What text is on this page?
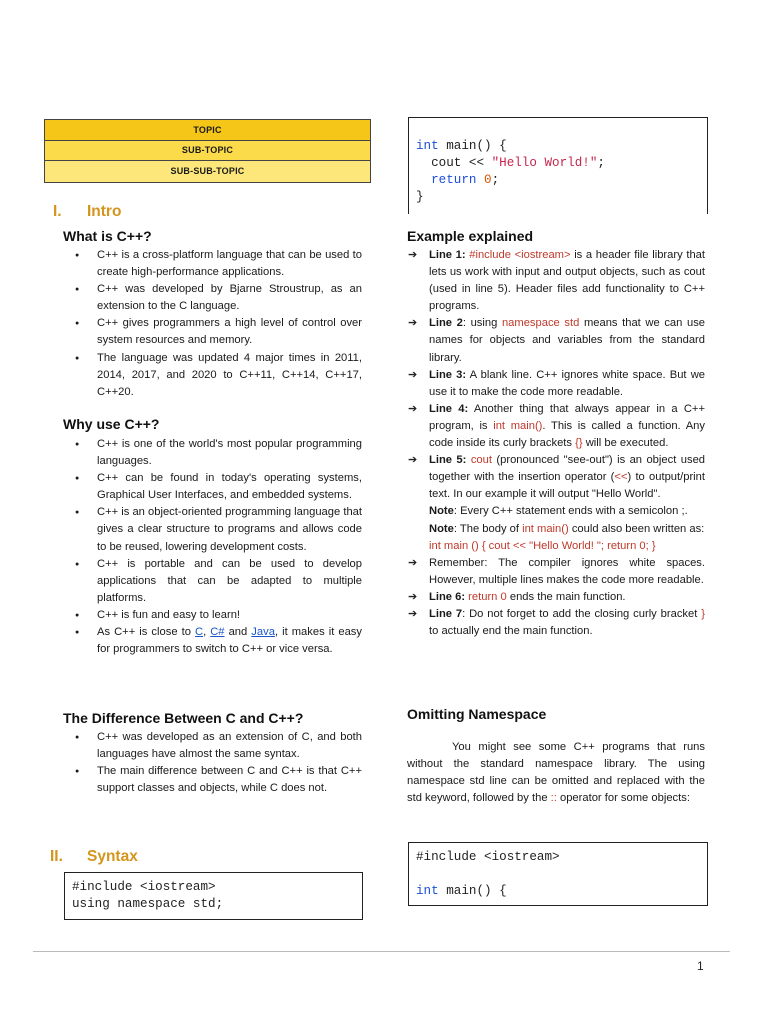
TOPIC
SUB-TOPIC
SUB-SUB-TOPIC
I.	Intro
What is C++?
● C++ is a cross-platform language that can be used to create high-performance applications.
● C++ was developed by Bjarne Stroustrup, as an extension to the C language.
● C++ gives programmers a high level of control over system resources and memory.
● The language was updated 4 major times in 2011, 2014, 2017, and 2020 to C++11, C++14, C++17, C++20.
Why use C++?
● C++ is one of the world's most popular programming languages.
● C++ can be found in today's operating systems, Graphical User Interfaces, and embedded systems.
● C++ is an object-oriented programming language that gives a clear structure to programs and allows code to be reused, lowering development costs.
● C++ is portable and can be used to develop applications that can be adapted to multiple platforms.
● C++ is fun and easy to learn!
● As C++ is close to C, C# and Java, it makes it easy for programmers to switch to C++ or vice versa.
The Difference Between C and C++?
● C++ was developed as an extension of C, and both languages have almost the same syntax.
● The main difference between C and C++ is that C++ support classes and objects, while C does not.
II.	Syntax
#include <iostream>
using namespace std;
int main() {
cout << "Hello World!";
return 0;
}
Example explained
➔ Line 1: #include <iostream> is a header file library that lets us work with input and output objects, such as cout (used in line 5). Header files add functionality to C++ programs.
➔ Line 2: using namespace std means that we can use names for objects and variables from the standard library.
➔ Line 3: A blank line. C++ ignores white space. But we use it to make the code more readable.
➔ Line 4: Another thing that always appear in a C++ program, is int main(). This is called a function. Any code inside its curly brackets {} will be executed.
➔ Line 5: cout (pronounced "see-out") is an object used together with the insertion operator (<<) to output/print text. In our example it will output "Hello World".
Note: Every C++ statement ends with a semicolon ;.
Note: The body of int main() could also been written as:
int main () { cout << "Hello World! "; return 0; }
➔ Remember: The compiler ignores white spaces. However, multiple lines makes the code more readable.
➔ Line 6: return 0 ends the main function.
➔ Line 7: Do not forget to add the closing curly bracket } to actually end the main function.
Omitting Namespace
You might see some C++ programs that runs without the standard namespace library. The using namespace std line can be omitted and replaced with the std keyword, followed by the :: operator for some objects:
#include <iostream>

int main() {
1
